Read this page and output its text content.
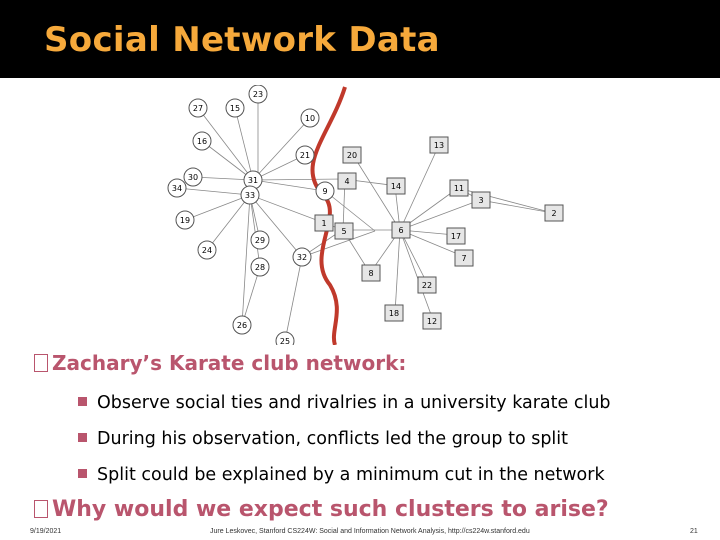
Social Network Data
23
27	15
10
16
21
30
34
31
33
19
9
24
29
28
32
26
25
13
20
14
4
11
3
2
1
5	6
17
7
8
22
18
12
Zachary’s Karate club network:
Observe social ties and rivalries in a university karate club
During his observation, conflicts led the group to split
Split could be explained by a minimum cut in the network
Why would we expect such clusters to arise?
9/19/2021	Jure Leskovec, Stanford CS224W: Social and Information Network Analysis, http://cs224w.stanford.edu	21
